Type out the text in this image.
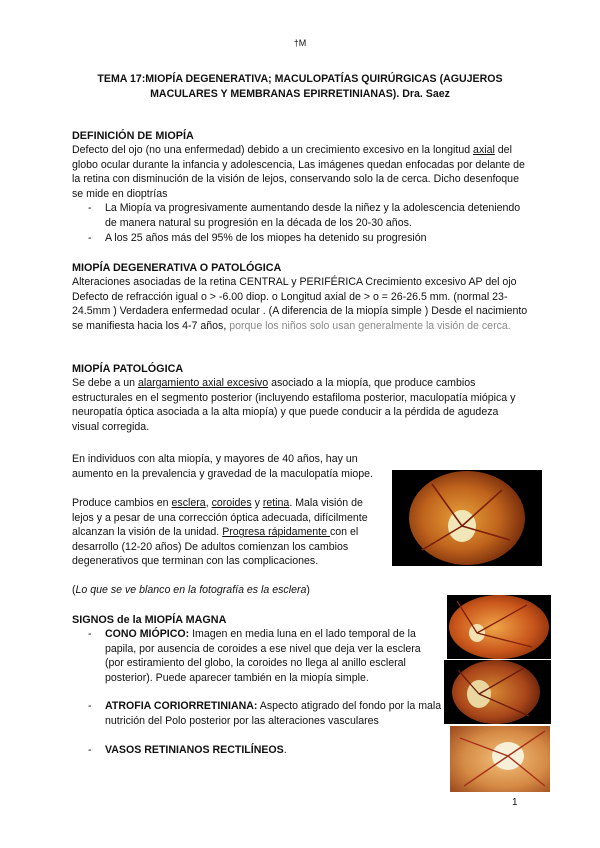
†M
TEMA 17:MIOPÍA DEGENERATIVA; MACULOPATÍAS QUIRÚRGICAS (AGUJEROS
MACULARES Y MEMBRANAS EPIRRETINIANAS). Dra. Saez
DEFINICIÓN DE MIOPÍA
Defecto del ojo (no una enfermedad) debido a un crecimiento excesivo en la longitud axial del globo ocular durante la infancia y adolescencia, Las imágenes quedan enfocadas por delante de la retina con disminución de la visión de lejos, conservando solo la de cerca. Dicho desenfoque se mide en dioptrías
- La Miopía va progresivamente aumentando desde la niñez y la adolescencia deteniendo de manera natural su progresión en la década de los 20-30 años.
- A los 25 años más del 95% de los miopes ha detenido su progresión
MIOPÍA DEGENERATIVA O PATOLÓGICA
Alteraciones asociadas de la retina CENTRAL y PERIFÉRICA Crecimiento excesivo AP del ojo Defecto de refracción igual o > -6.00 diop. o Longitud axial de > o = 26-26.5 mm. (normal 23-24.5mm ) Verdadera enfermedad ocular . (A diferencia de la miopía simple ) Desde el nacimiento se manifiesta hacia los 4-7 años, porque los niños solo usan generalmente la visión de cerca.
MIOPÍA PATOLÓGICA
Se debe a un alargamiento axial excesivo asociado a la miopía, que produce cambios estructurales en el segmento posterior (incluyendo estafiloma posterior, maculopatía miópica y neuropatía óptica asociada a la alta miopía) y que puede conducir a la pérdida de agudeza visual corregida.
En individuos con alta miopía, y mayores de 40 años, hay un aumento en la prevalencia y gravedad de la maculopatía miope.
Produce cambios en esclera, coroides y retina. Mala visión de lejos y a pesar de una corrección óptica adecuada, difícilmente alcanzan la visión de la unidad. Progresa rápidamente con el desarrollo (12-20 años) De adultos comienzan los cambios degenerativos que terminan con las complicaciones.
(Lo que se ve blanco en la fotografía es la esclera)
SIGNOS de la MIOPÍA MAGNA
- CONO MIÓPICO: Imagen en media luna en el lado temporal de la papila, por ausencia de coroides a ese nivel que deja ver la esclera (por estiramiento del globo, la coroides no llega al anillo escleral posterior). Puede aparecer también en la miopía simple.
- ATROFIA CORIORRETINIANA: Aspecto atigrado del fondo por la mala nutrición del Polo posterior por las alteraciones vasculares
- VASOS RETINIANOS RECTILÍNEOS.
1
